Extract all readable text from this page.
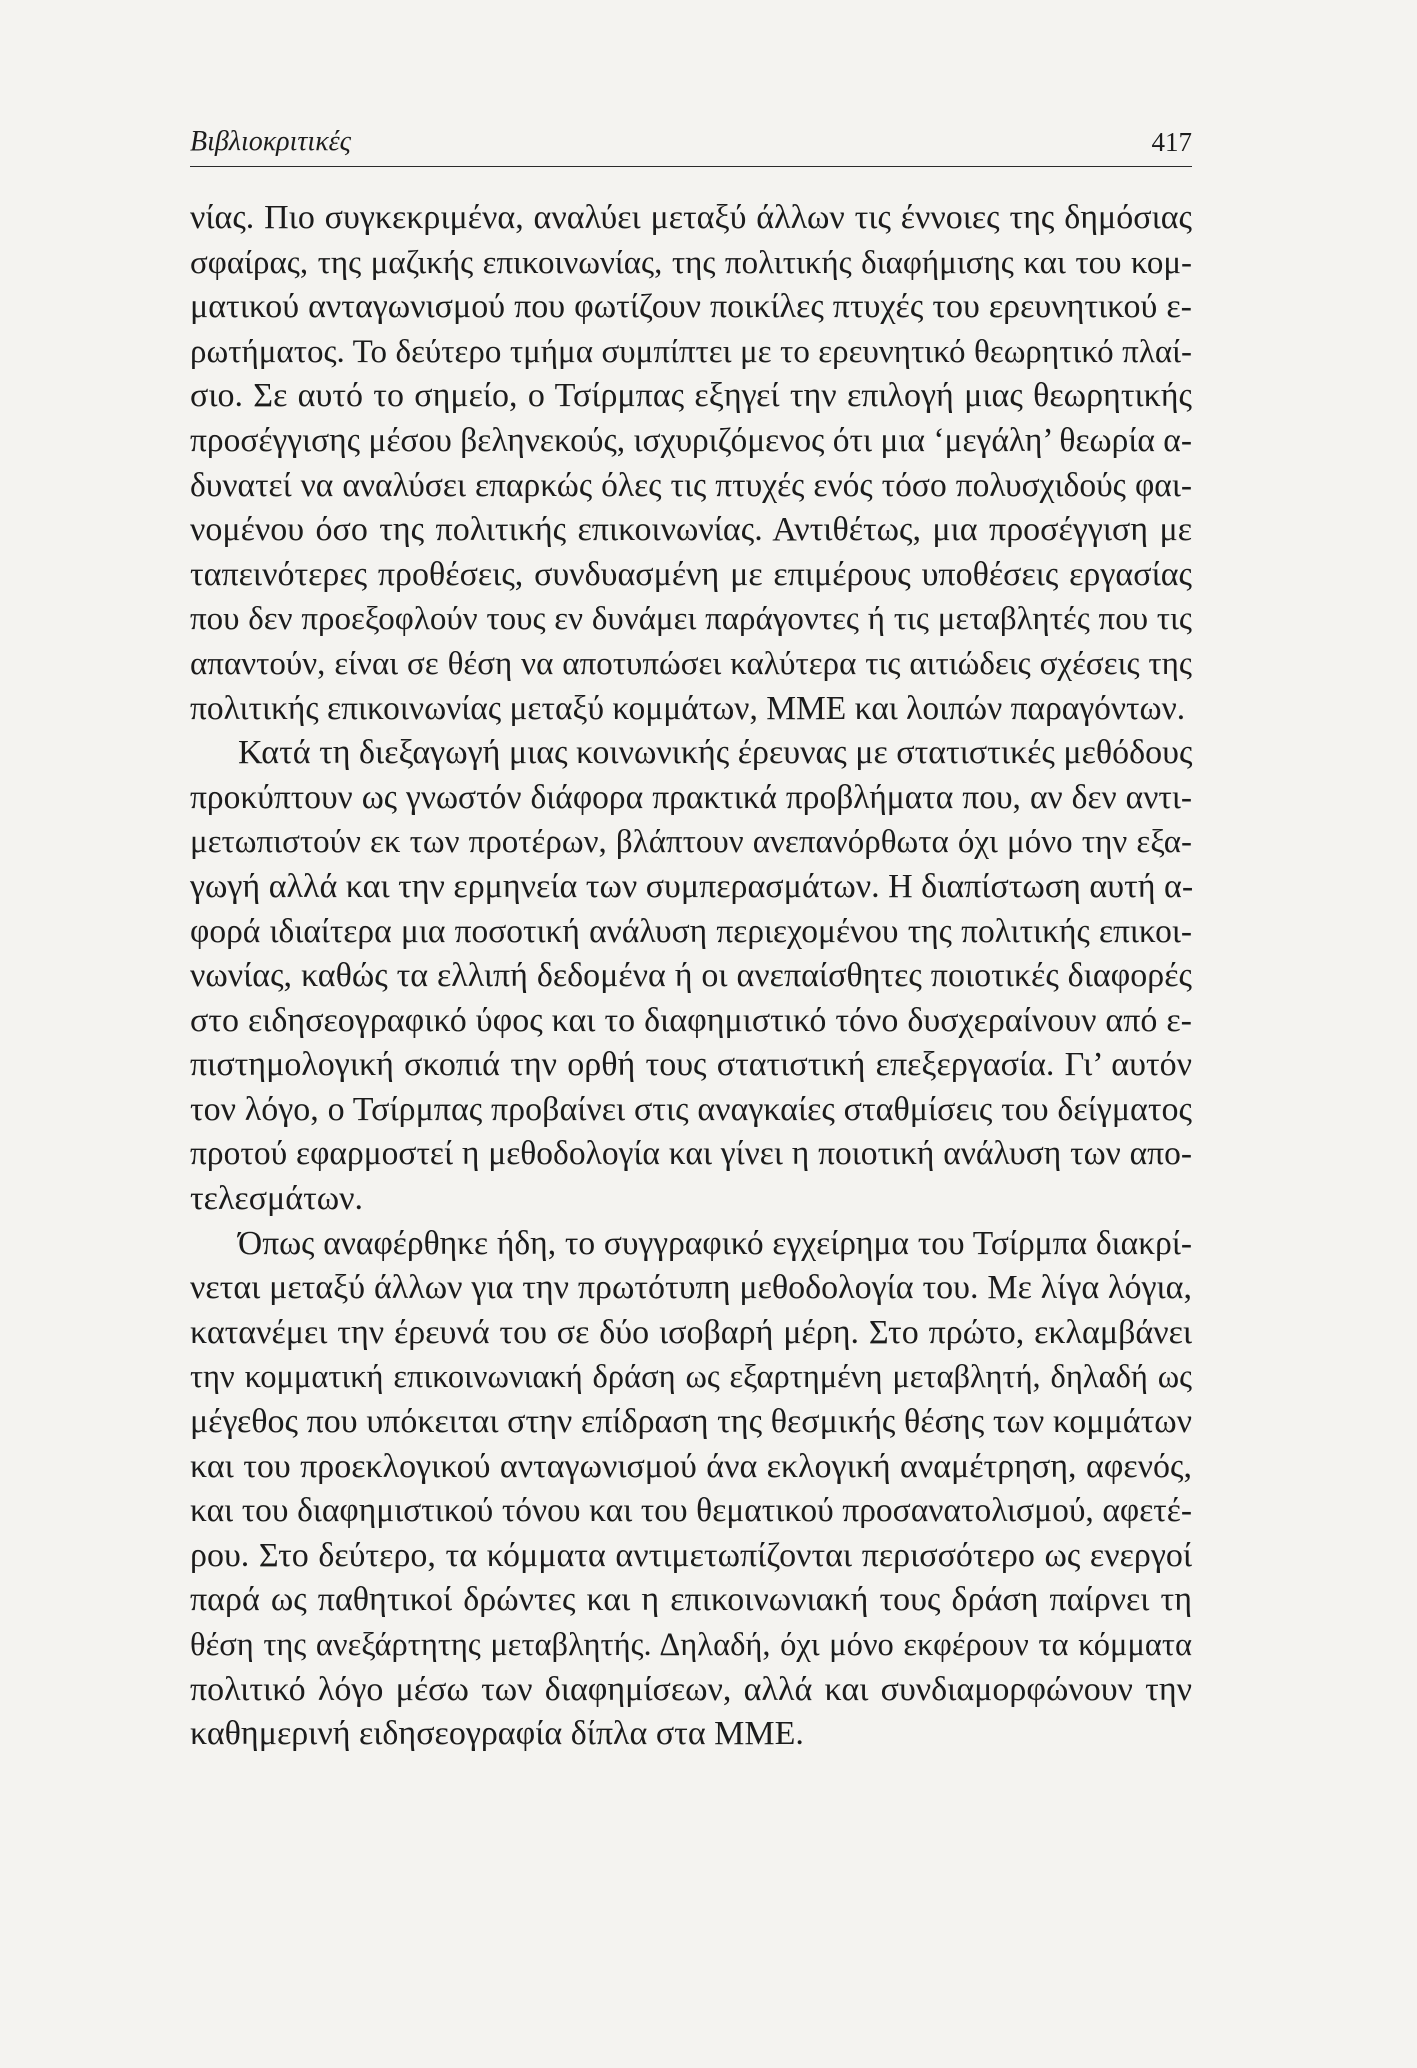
Βιβλιοκριτικές	417
νίας. Πιο συγκεκριμένα, αναλύει μεταξύ άλλων τις έννοιες της δημόσιας
σφαίρας, της μαζικής επικοινωνίας, της πολιτικής διαφήμισης και του κομ-
ματικού ανταγωνισμού που φωτίζουν ποικίλες πτυχές του ερευνητικού ε-
ρωτήματος. Το δεύτερο τμήμα συμπίπτει με το ερευνητικό θεωρητικό πλαί-
σιο. Σε αυτό το σημείο, ο Τσίρμπας εξηγεί την επιλογή μιας θεωρητικής
προσέγγισης μέσου βεληνεκούς, ισχυριζόμενος ότι μια ‘μεγάλη’ θεωρία α-
δυνατεί να αναλύσει επαρκώς όλες τις πτυχές ενός τόσο πολυσχιδούς φαι-
νομένου όσο της πολιτικής επικοινωνίας. Αντιθέτως, μια προσέγγιση με
ταπεινότερες προθέσεις, συνδυασμένη με επιμέρους υποθέσεις εργασίας
που δεν προεξοφλούν τους εν δυνάμει παράγοντες ή τις μεταβλητές που τις
απαντούν, είναι σε θέση να αποτυπώσει καλύτερα τις αιτιώδεις σχέσεις της
πολιτικής επικοινωνίας μεταξύ κομμάτων, ΜΜΕ και λοιπών παραγόντων.
Κατά τη διεξαγωγή μιας κοινωνικής έρευνας με στατιστικές μεθόδους
προκύπτουν ως γνωστόν διάφορα πρακτικά προβλήματα που, αν δεν αντι-
μετωπιστούν εκ των προτέρων, βλάπτουν ανεπανόρθωτα όχι μόνο την εξα-
γωγή αλλά και την ερμηνεία των συμπερασμάτων. Η διαπίστωση αυτή α-
φορά ιδιαίτερα μια ποσοτική ανάλυση περιεχομένου της πολιτικής επικοι-
νωνίας, καθώς τα ελλιπή δεδομένα ή οι ανεπαίσθητες ποιοτικές διαφορές
στο ειδησεογραφικό ύφος και το διαφημιστικό τόνο δυσχεραίνουν από ε-
πιστημολογική σκοπιά την ορθή τους στατιστική επεξεργασία. Γι’ αυτόν
τον λόγο, ο Τσίρμπας προβαίνει στις αναγκαίες σταθμίσεις του δείγματος
προτού εφαρμοστεί η μεθοδολογία και γίνει η ποιοτική ανάλυση των απο-
τελεσμάτων.
Όπως αναφέρθηκε ήδη, το συγγραφικό εγχείρημα του Τσίρμπα διακρί-
νεται μεταξύ άλλων για την πρωτότυπη μεθοδολογία του. Με λίγα λόγια,
κατανέμει την έρευνά του σε δύο ισοβαρή μέρη. Στο πρώτο, εκλαμβάνει
την κομματική επικοινωνιακή δράση ως εξαρτημένη μεταβλητή, δηλαδή ως
μέγεθος που υπόκειται στην επίδραση της θεσμικής θέσης των κομμάτων
και του προεκλογικού ανταγωνισμού άνα εκλογική αναμέτρηση, αφενός,
και του διαφημιστικού τόνου και του θεματικού προσανατολισμού, αφετέ-
ρου. Στο δεύτερο, τα κόμματα αντιμετωπίζονται περισσότερο ως ενεργοί
παρά ως παθητικοί δρώντες και η επικοινωνιακή τους δράση παίρνει τη
θέση της ανεξάρτητης μεταβλητής. Δηλαδή, όχι μόνο εκφέρουν τα κόμματα
πολιτικό λόγο μέσω των διαφημίσεων, αλλά και συνδιαμορφώνουν την
καθημερινή ειδησεογραφία δίπλα στα ΜΜΕ.
